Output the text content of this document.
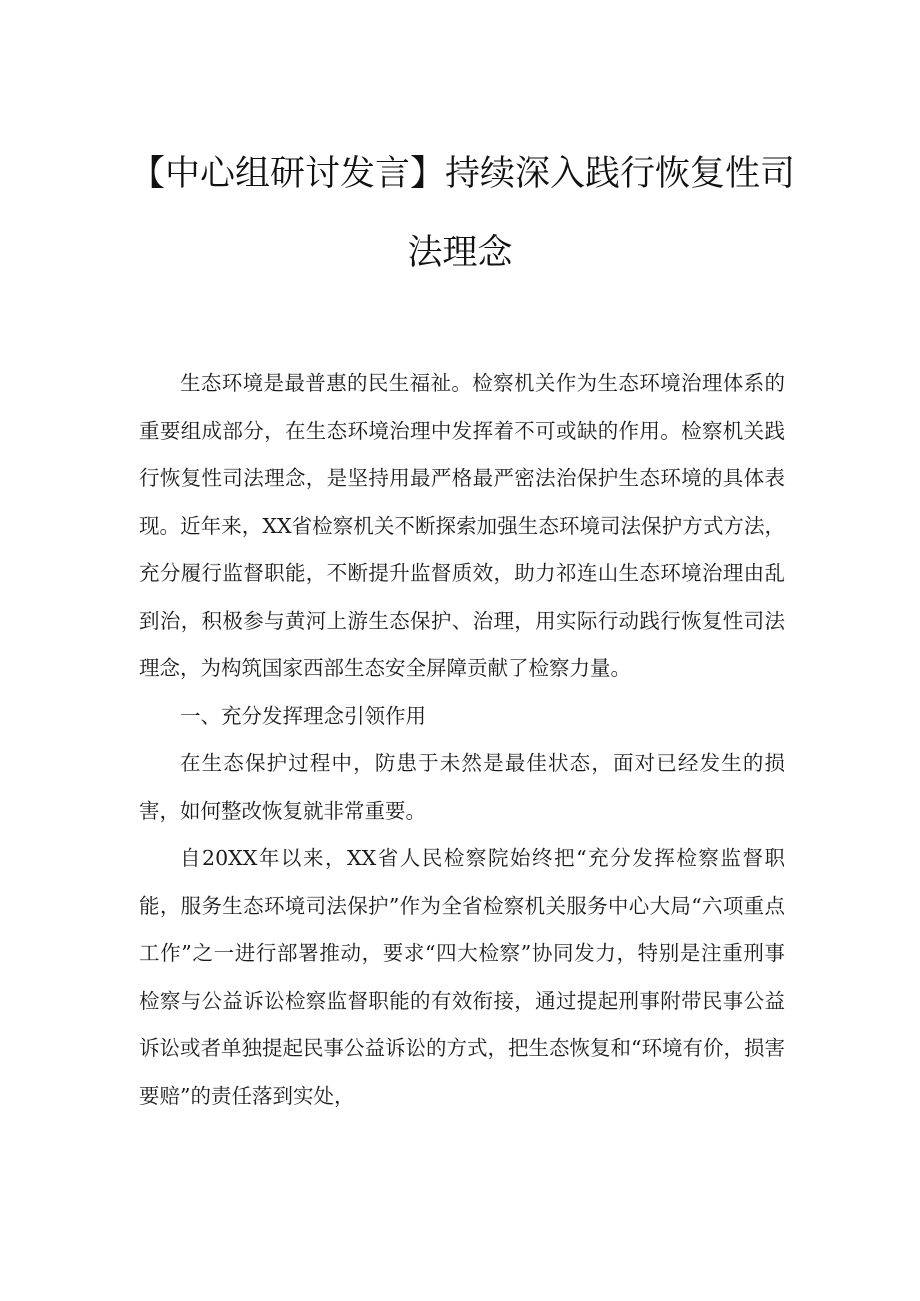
【中心组研讨发言】持续深入践行恢复性司
法理念

生态环境是最普惠的民生福祉。检察机关作为生态环境治理体系的重要组成部分，在生态环境治理中发挥着不可或缺的作用。检察机关践行恢复性司法理念，是坚持用最严格最严密法治保护生态环境的具体表现。近年来，XX省检察机关不断探索加强生态环境司法保护方式方法，充分履行监督职能，不断提升监督质效，助力祁连山生态环境治理由乱到治，积极参与黄河上游生态保护、治理，用实际行动践行恢复性司法理念，为构筑国家西部生态安全屏障贡献了检察力量。

一、充分发挥理念引领作用

在生态保护过程中，防患于未然是最佳状态，面对已经发生的损害，如何整改恢复就非常重要。

自20XX年以来，XX省人民检察院始终把“充分发挥检察监督职能，服务生态环境司法保护”作为全省检察机关服务中心大局“六项重点工作”之一进行部署推动，要求“四大检察”协同发力，特别是注重刑事检察与公益诉讼检察监督职能的有效衔接，通过提起刑事附带民事公益诉讼或者单独提起民事公益诉讼的方式，把生态恢复和“环境有价，损害要赔”的责任落到实处，
